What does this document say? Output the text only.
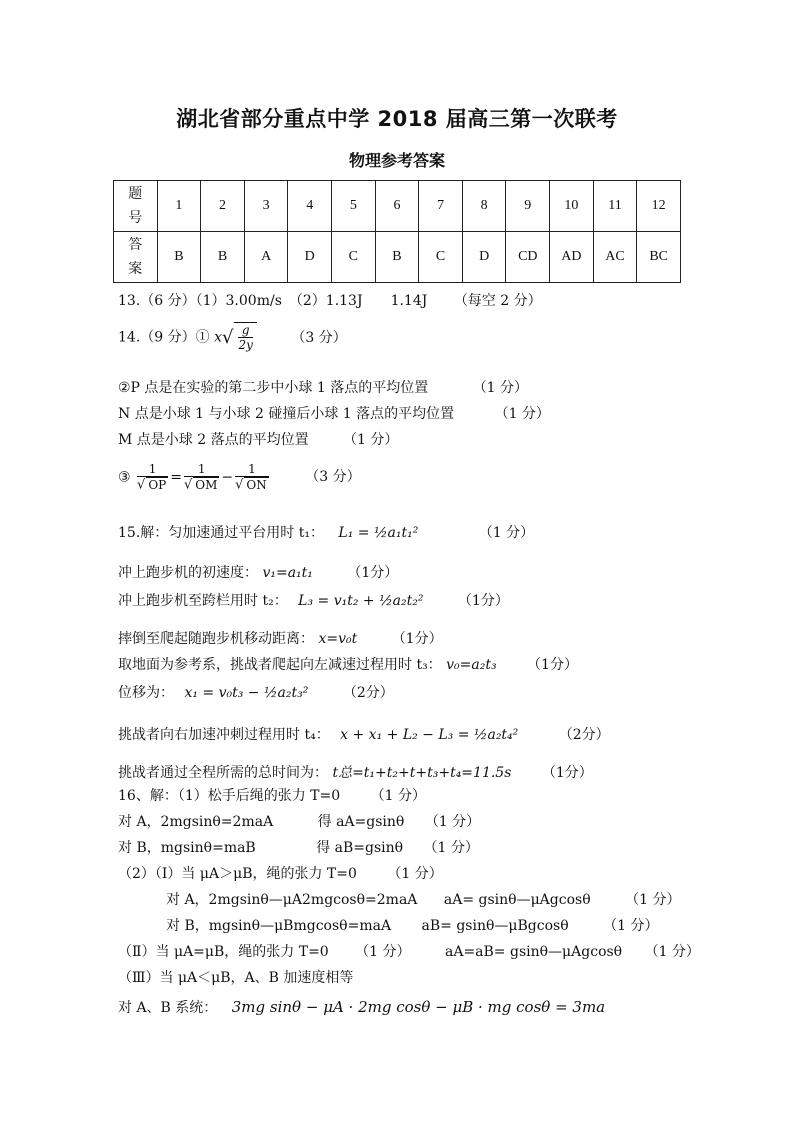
湖北省部分重点中学 2018 届高三第一次联考
物理参考答案
题号	1	2	3	4	5	6	7	8	9	10	11	12
答案	B	B	A	D	C	B	C	D	CD	AD	AC	BC
13.（6 分）（1）3.00m/s　（2）1.13J　　1.14J （每空 2 分）
14.（9 分）① $x√ \frac{g}{2y}$	（3 分）
②P 点是在实验的第二步中小球 1 落点的平均位置	（1 分）
N 点是小球 1 与小球 2 碰撞后小球 1 落点的平均位置	（1 分）
M 点是小球 2 落点的平均位置 （1 分）
③ $\frac{1}{√ OP} = \frac{1}{√ OM} - \frac{1}{√ ON}$	（3 分）
15.解：匀加速通过平台用时 t₁： L₁ = ½a₁t₁²	（1 分）
冲上跑步机的初速度： v₁=a₁t₁ （1分）
冲上跑步机至跨栏用时 t₂： L₃ = v₁t₂ + ½a₂t₂² （1分）
摔倒至爬起随跑步机移动距离： x=v₀t （1分）
取地面为参考系，挑战者爬起向左减速过程用时 t₃： v₀=a₂t₃ （1分）
位移为： x₁ = v₀t₃ − ½a₂t₃² （2分）
挑战者向右加速冲刺过程用时 t₄： x + x₁ + L₂ − L₃ = ½a₂t₄²	（2分）
挑战者通过全程所需的总时间为： t总=t₁+t₂+t+t₃+t₄=11.5s （1分）
16、解：（1）松手后绳的张力 T=0 （1 分）
对 A，2mgsinθ=2maA	得 aA=gsinθ （1 分）
对 B，mgsinθ=maB	得 aB=gsinθ （1 分）
（2）（Ⅰ）当 μA＞μB，绳的张力 T=0 （1 分）
对 A，2mgsinθ—μA2mgcosθ=2maA aA= gsinθ—μAgcosθ （1 分）
对 B，mgsinθ—μBmgcosθ=maA aB= gsinθ—μBgcosθ （1 分）
（Ⅱ）当 μA=μB，绳的张力 T=0 （1 分） aA=aB= gsinθ—μAgcosθ （1 分）
（Ⅲ）当 μA＜μB，A、B 加速度相等
对 A、B 系统： 3mg sinθ − μA · 2mg cosθ − μB · mg cosθ = 3ma
